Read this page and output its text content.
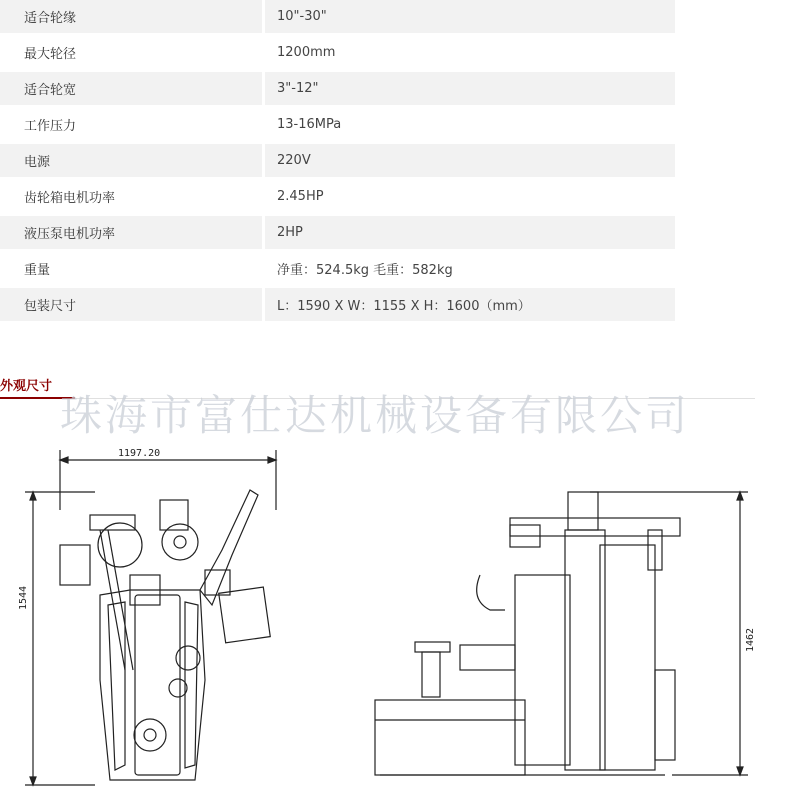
适合轮缘	10"-30"
最大轮径	1200mm
适合轮宽	3"-12"
工作压力	13-16MPa
电源	220V
齿轮箱电机功率	2.45HP
液压泵电机功率	2HP
重量	净重：524.5kg 毛重：582kg
包装尺寸	L：1590 X W：1155 X H：1600（mm）
外观尺寸
珠海市富仕达机械设备有限公司
1197.20
1544
1462
